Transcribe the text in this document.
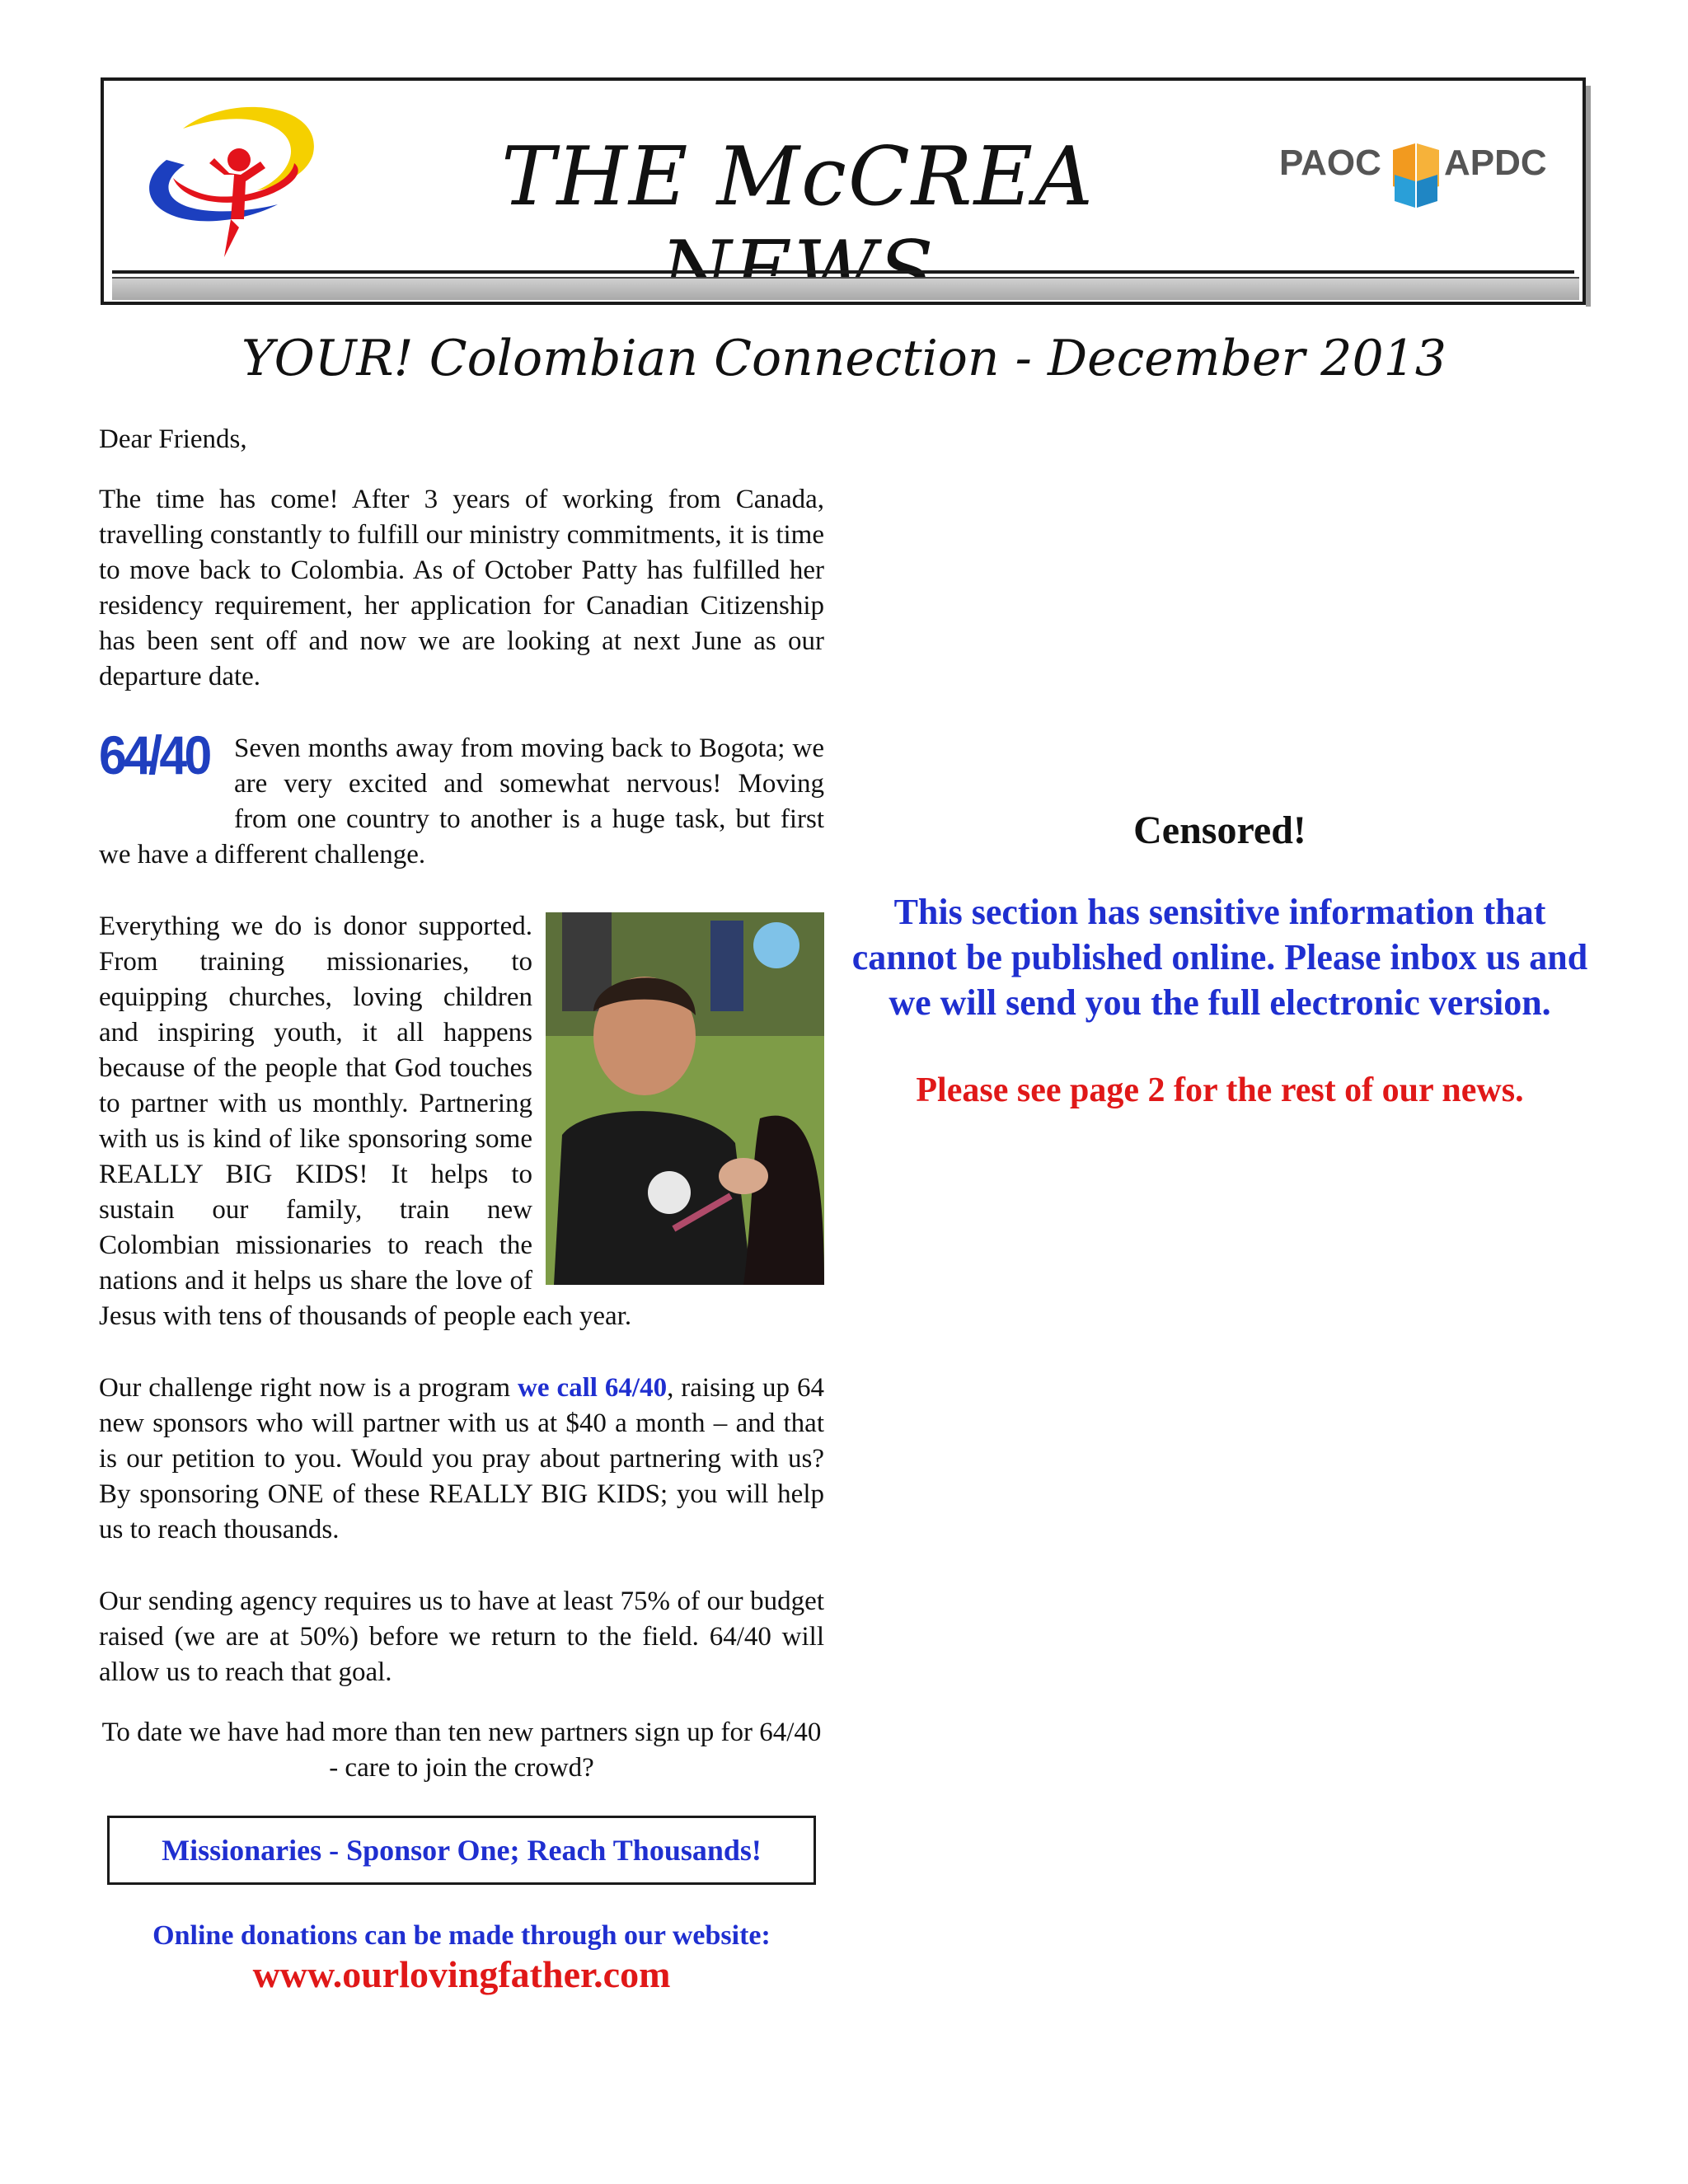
THE McCREA	PAOC APDC
YOUR! Colombian Connection - December 2013

Dear Friends,

The time has come! After 3 years of working from Canada, travelling constantly to fulfill our ministry commitments, it is time to move back to Colombia. As of October Patty has fulfilled her residency requirement, her application for Canadian Citizenship has been sent off and now we are looking at next June as our departure date.

64/40 Seven months away from moving back to Bogota; we are very excited and somewhat nervous! Moving from one country to another is a huge task, but first we have a different challenge.

Everything we do is donor supported. From training missionaries, to equipping churches, loving children and inspiring youth, it all happens because of the people that God touches to partner with us monthly. Partnering with us is kind of like sponsoring some REALLY BIG KIDS! It helps to sustain our family, train new Colombian missionaries to reach the nations and it helps us share the love of Jesus with tens of thousands of people each year.

Our challenge right now is a program we call 64/40, raising up 64 new sponsors who will partner with us at $40 a month – and that is our petition to you. Would you pray about partnering with us? By sponsoring ONE of these REALLY BIG KIDS; you will help us to reach thousands.

Our sending agency requires us to have at least 75% of our budget raised (we are at 50%) before we return to the field. 64/40 will allow us to reach that goal.

To date we have had more than ten new partners sign up for 64/40 - care to join the crowd?

Missionaries - Sponsor One; Reach Thousands!
Online donations can be made through our website:
www.ourlovingfather.com
Censored!
This section has sensitive information that cannot be published online. Please inbox us and we will send you the full electronic version.
Please see page 2 for the rest of our news.
